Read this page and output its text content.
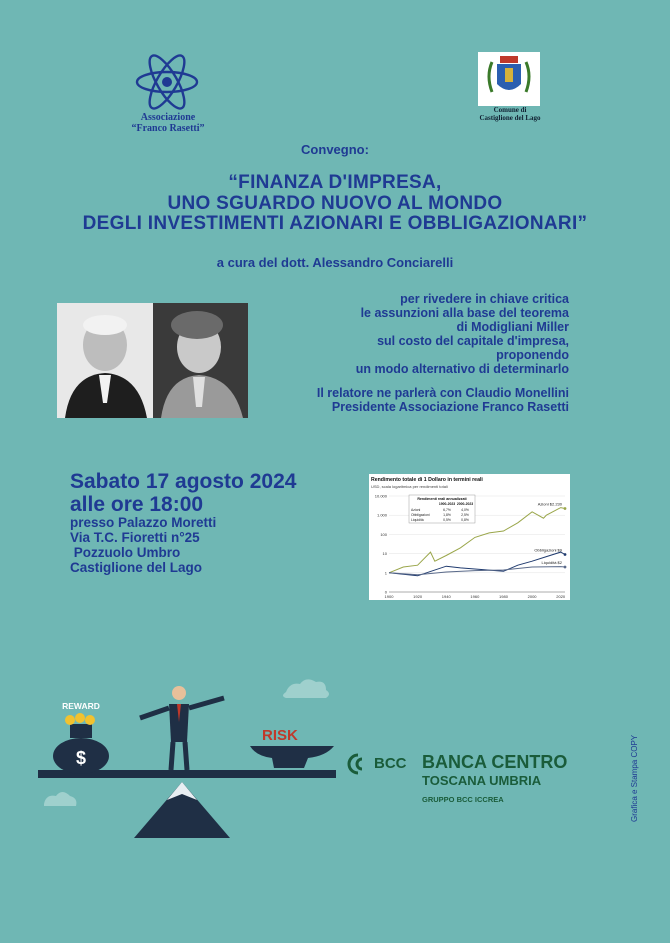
Associazione
“Franco Rasetti”
Comune di
Castiglione del Lago
Convegno:
“FINANZA D'IMPRESA,
UNO SGUARDO NUOVO AL MONDO
DEGLI INVESTIMENTI AZIONARI E OBBLIGAZIONARI”
a cura del dott. Alessandro Conciarelli
per rivedere in chiave critica
le assunzioni alla base del teorema
di Modigliani Miller
sul costo del capitale d'impresa,
proponendo
un modo alternativo di determinarlo
Il relatore ne parlerà con Claudio Monellini
Presidente Associazione Franco Rasetti
Sabato 17 agosto 2024
alle ore 18:00
presso Palazzo Moretti
Via T.C. Fioretti n°25
Pozzuolo Umbro
Castiglione del Lago
Rendimento totale di 1 Dollaro in termini reali
USD, scala logaritmica per rendimenti totali
10.000
1.000
100
10
1
0
1900	1920	1940	1960	1980	2000	2020
Azioni $2.230
Obbligazioni $9
Liquidità $2
Rendimenti reali annualizzati
1900-2023 2000-2023
Azioni	6,7%	4,0%
Obbligazioni	1,8%	2,5%
Liquidità	0,5%	0,8%
REWARD
$
RISK
BCC BANCA CENTRO
TOSCANA UMBRIA
GRUPPO BCC ICCREA	Grafica e Stampa COPY
